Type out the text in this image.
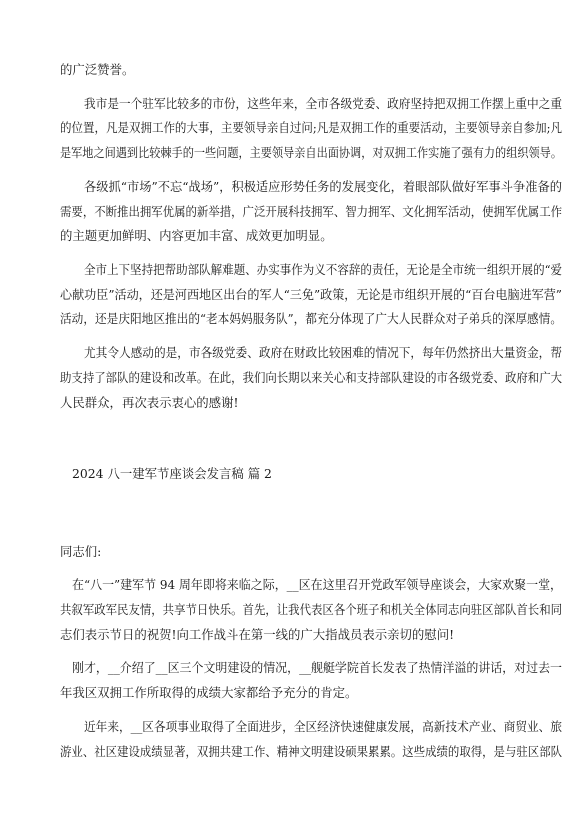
的广泛赞誉。
我市是一个驻军比较多的市份，这些年来，全市各级党委、政府坚持把双拥工作摆上重中之重
的位置，凡是双拥工作的大事，主要领导亲自过问;凡是双拥工作的重要活动，主要领导亲自参加;凡
是军地之间遇到比较棘手的一些问题，主要领导亲自出面协调，对双拥工作实施了强有力的组织领导。
各级抓“市场”不忘“战场”，积极适应形势任务的发展变化，着眼部队做好军事斗争准备的
需要，不断推出拥军优属的新举措，广泛开展科技拥军、智力拥军、文化拥军活动，使拥军优属工作
的主题更加鲜明、内容更加丰富、成效更加明显。
全市上下坚持把帮助部队解难题、办实事作为义不容辞的责任，无论是全市统一组织开展的“爱
心献功臣”活动，还是河西地区出台的军人“三免”政策，无论是市组织开展的“百台电脑进军营”
活动，还是庆阳地区推出的“老本妈妈服务队”，都充分体现了广大人民群众对子弟兵的深厚感情。
尤其令人感动的是，市各级党委、政府在财政比较困难的情况下，每年仍然挤出大量资金，帮
助支持了部队的建设和改革。在此，我们向长期以来关心和支持部队建设的市各级党委、政府和广大
人民群众，再次表示衷心的感谢!
2024 八一建军节座谈会发言稿 篇 2
同志们:
在“八一”建军节 94 周年即将来临之际，__区在这里召开党政军领导座谈会，大家欢聚一堂，
共叙军政军民友情，共享节日快乐。首先，让我代表区各个班子和机关全体同志向驻区部队首长和同
志们表示节日的祝贺!向工作战斗在第一线的广大指战员表示亲切的慰问!
刚才，__介绍了__区三个文明建设的情况，__舰艇学院首长发表了热情洋溢的讲话，对过去一
年我区双拥工作所取得的成绩大家都给予充分的肯定。
近年来，__区各项事业取得了全面进步，全区经济快速健康发展，高新技术产业、商贸业、旅
游业、社区建设成绩显著，双拥共建工作、精神文明建设硕果累累。这些成绩的取得，是与驻区部队
